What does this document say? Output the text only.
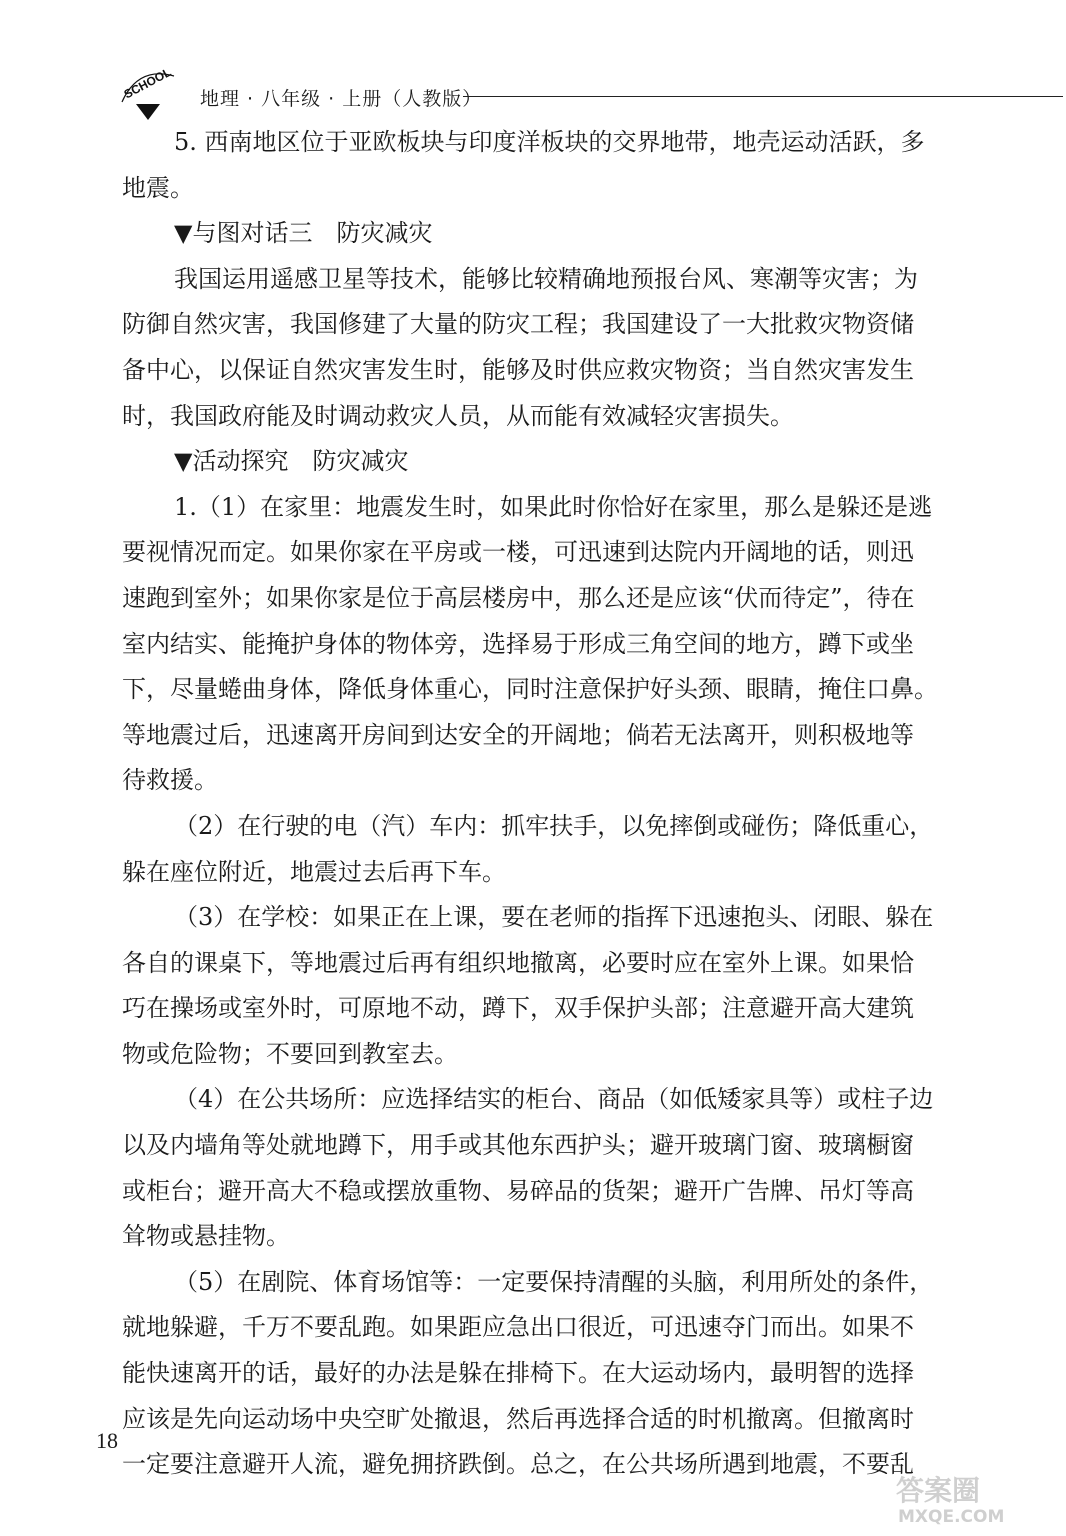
SCHOOL 地理 · 八年级 · 上册（人教版）
5. 西南地区位于亚欧板块与印度洋板块的交界地带，地壳运动活跃，多
地震。
▼与图对话三　防灾减灾
我国运用遥感卫星等技术，能够比较精确地预报台风、寒潮等灾害；为
防御自然灾害，我国修建了大量的防灾工程；我国建设了一大批救灾物资储
备中心，以保证自然灾害发生时，能够及时供应救灾物资；当自然灾害发生
时，我国政府能及时调动救灾人员，从而能有效减轻灾害损失。
▼活动探究　防灾减灾
1.（1）在家里：地震发生时，如果此时你恰好在家里，那么是躲还是逃
要视情况而定。如果你家在平房或一楼，可迅速到达院内开阔地的话，则迅
速跑到室外；如果你家是位于高层楼房中，那么还是应该“伏而待定”，待在
室内结实、能掩护身体的物体旁，选择易于形成三角空间的地方，蹲下或坐
下，尽量蜷曲身体，降低身体重心，同时注意保护好头颈、眼睛，掩住口鼻。
等地震过后，迅速离开房间到达安全的开阔地；倘若无法离开，则积极地等
待救援。
（2）在行驶的电（汽）车内：抓牢扶手，以免摔倒或碰伤；降低重心，
躲在座位附近，地震过去后再下车。
（3）在学校：如果正在上课，要在老师的指挥下迅速抱头、闭眼、躲在
各自的课桌下，等地震过后再有组织地撤离，必要时应在室外上课。如果恰
巧在操场或室外时，可原地不动，蹲下，双手保护头部；注意避开高大建筑
物或危险物；不要回到教室去。
（4）在公共场所：应选择结实的柜台、商品（如低矮家具等）或柱子边
以及内墙角等处就地蹲下，用手或其他东西护头；避开玻璃门窗、玻璃橱窗
或柜台；避开高大不稳或摆放重物、易碎品的货架；避开广告牌、吊灯等高
耸物或悬挂物。
（5）在剧院、体育场馆等：一定要保持清醒的头脑，利用所处的条件，
就地躲避，千万不要乱跑。如果距应急出口很近，可迅速夺门而出。如果不
能快速离开的话，最好的办法是躲在排椅下。在大运动场内，最明智的选择
应该是先向运动场中央空旷处撤退，然后再选择合适的时机撤离。但撤离时
一定要注意避开人流，避免拥挤跌倒。总之，在公共场所遇到地震，不要乱
18
答案圈
MXQE.COM
